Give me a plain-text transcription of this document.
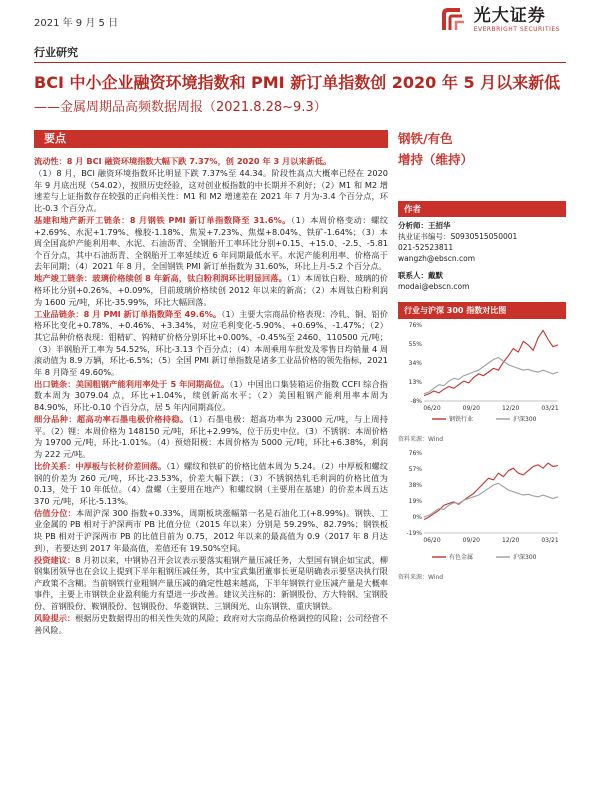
2021 年 9 月 5 日	光大证券
EVERBRIGHT SECURITIES
行业研究
BCI 中小企业融资环境指数和 PMI 新订单指数创 2020 年 5 月以来新低
——金属周期品高频数据周报（2021.8.28~9.3）
要点

流动性：8 月 BCI 融资环境指数大幅下跌 7.37%，创 2020 年 3 月以来新低。

（1）8 月，BCI 融资环境指数环比明显下跌 7.37%至 44.34。阶段性高点大概率已经在 2020 年 9 月底出现（54.02），按照历史经验，这对创业板指数的中长期并不利好；（2）M1 和 M2 增速差与上证指数存在较强的正向相关性：M1 和 M2 增速差在 2021 年 7 月为-3.4 个百分点，环比-0.3 个百分点。

基建和地产新开工链条：8 月钢铁 PMI 新订单指数降至 31.6%。（1）本周价格变动：螺纹+2.69%、水泥+1.79%、橡胶-1.18%、焦炭+7.23%、焦煤+8.04%、铁矿-1.64%；（3）本周全国高炉产能利用率、水泥、石油沥青、全钢胎开工率环比分别+0.15、+15.0、-2.5、-5.81 个百分点，其中石油沥青、全钢胎开工率延续近 6 年同期最低水平。水泥产能利用率、价格高于去年同期；（4）2021 年 8 月，全国钢铁 PMI 新订单指数为 31.60%，环比上月-5.2 个百分点。

地产竣工链条：玻璃价格续创 8 年新高，钛白粉利润环比明显回落。（1）本周钛白粉、玻璃的价格环比分别+0.26%、+0.09%，目前玻璃价格续创 2012 年以来的新高；（2）本周钛白粉利润为 1600 元/吨，环比-35.99%，环比大幅回落。

工业品链条：8 月 PMI 新订单指数降至 49.6%。（1）主要大宗商品价格表现：冷轧、铜、铝价格环比变化+0.78%、+0.46%、+3.34%，对应毛利变化-5.90%、+0.69%、-1.47%；（2）其它品种价格表现：钼精矿、钨精矿价格分别环比+0.00%、-0.45%至 2460、110500 元/吨；（3）半钢胎开工率为 54.52%，环比-3.13 个百分点；（4）本周乘用车批发及零售日均销量 4 周滚动值为 8.9 万辆，环比-6.5%；（5）全国 PMI 新订单指数是诸多工业品价格的领先指标，2021 年 8 月降至 49.60%。

出口链条：美国粗钢产能利用率处于 5 年同期高位。（1）中国出口集装箱运价指数 CCFI 综合指数本周为 3079.04 点，环比+1.04%，续创新高水平；（2）美国粗钢产能利用率本周为 84.90%，环比-0.10 个百分点，居 5 年内同期高位。

细分品种：超高功率石墨电极价格持稳。（1）石墨电极：超高功率为 23000 元/吨，与上周持平。（2）锂：本周价格为 148150 元/吨，环比+2.99%，位于历史中位。（3）不锈钢：本周价格为 19700 元/吨，环比-1.01%。（4）预焙阳极：本周价格为 5000 元/吨，环比+6.38%，利润为 222 元/吨。

比价关系：中厚板与长材价差回落。（1）螺纹和铁矿的价格比值本周为 5.24。（2）中厚板和螺纹钢的价差为 260 元/吨，环比-23.53%，价差大幅下跌；（3）不锈钢热轧毛利润的价格比值为 0.13，处于 10 年低位。（4）盘螺（主要用在地产）和螺纹钢（主要用在基建）的价差本周五达 370 元/吨，环比-5.13%。

估值分位：本周沪深 300 指数+0.33%，周期板块涨幅第一名是石油化工(+8.99%)。钢铁、工业金属的 PB 相对于沪深两市 PB 比值分位（2015 年以来）分别是 59.29%、82.79%；钢铁板块 PB 相对于沪深两市 PB 的比值目前为 0.75，2012 年以来的最高值为 0.9（2017 年 8 月达到），若要达到 2017 年最高值，差值还有 19.50%空间。

投资建议：8 月初以来，中钢协召开会议表示要落实粗钢产量压减任务，大型国有钢企如宝武、柳钢集团领导也在会议上提到下半年粗钢压减任务，其中宝武集团董事长更是明确表示要坚决执行限产政策不含糊。当前钢铁行业粗钢产量压减的确定性越来越高，下半年钢铁行业压减产量是大概率事件，主要上市钢铁企业盈利能力有望进一步改善。建议关注标的：新钢股份、方大特钢、宝钢股份、首钢股份、鞍钢股份、包钢股份、华菱钢铁、三钢闽光、山东钢铁、重庆钢铁。

风险提示：根据历史数据得出的相关性失效的风险；政府对大宗商品价格调控的风险；公司经营不善风险。

钢铁/有色
增持（维持）
作者
分析师：王招华
执业证书编号：S0930515050001
021-52523811
wangzh@ebscn.com
联系人：戴默
modai@ebscn.com
行业与沪深 300 指数对比图
-8%
13%
34%
55%
76%
06/20	09/20	12/20	03/21
钢铁行业	沪深300
资料来源：Wind
-19%
0%
19%
38%
57%
76%
06/20	09/20	12/20	03/21
有色金属	沪深300
资料来源：Wind
